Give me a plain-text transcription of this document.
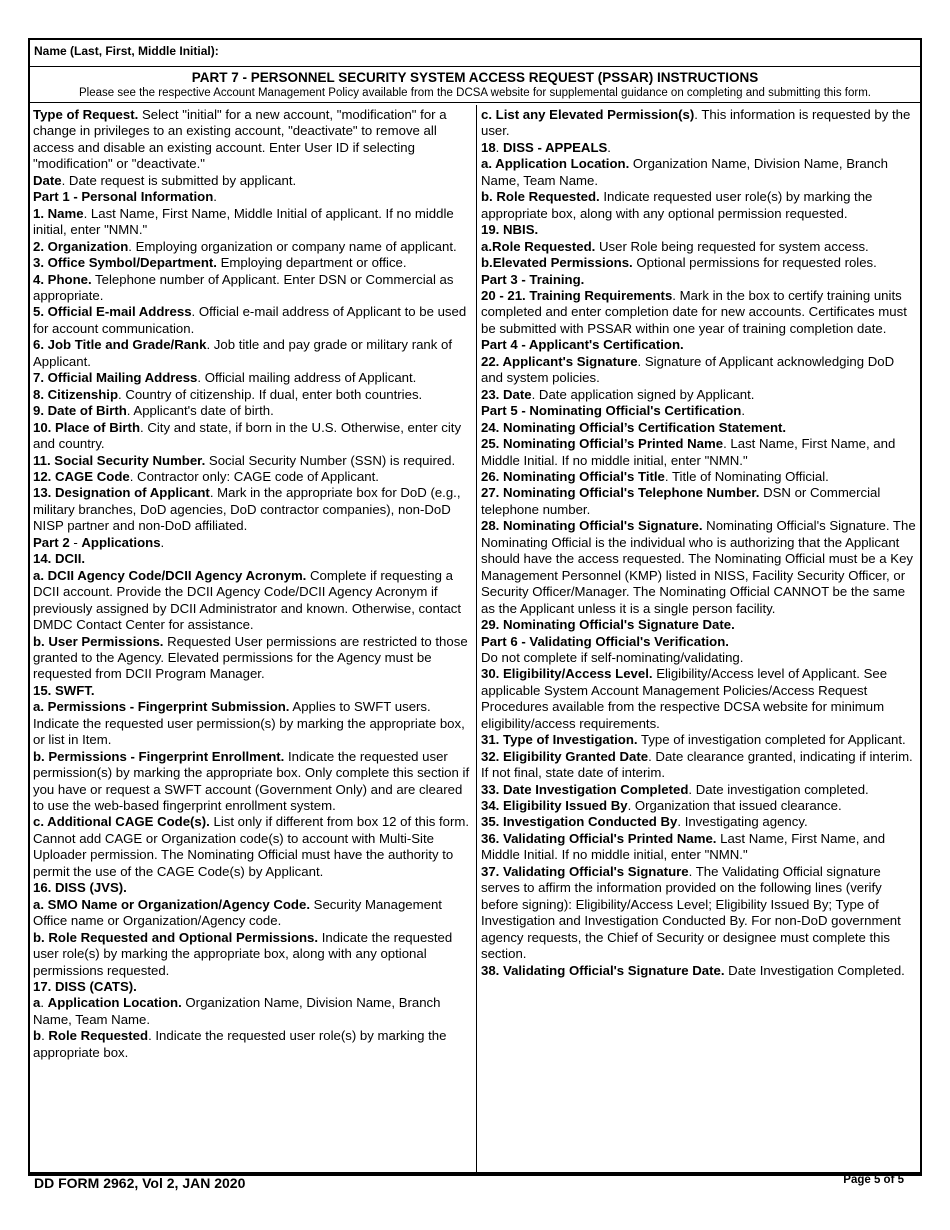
Name (Last, First, Middle Initial):
PART 7 - PERSONNEL SECURITY SYSTEM ACCESS REQUEST (PSSAR) INSTRUCTIONS
Please see the respective Account Management Policy available from the DCSA website for supplemental guidance on completing and submitting this form.
Type of Request. Select "initial" for a new account, "modification" for a change in privileges to an existing account, "deactivate" to remove all access and disable an existing account. Enter User ID if selecting "modification" or "deactivate."
Date. Date request is submitted by applicant.
Part 1 - Personal Information.
1. Name. Last Name, First Name, Middle Initial of applicant. If no middle initial, enter "NMN."
2. Organization. Employing organization or company name of applicant.
3. Office Symbol/Department. Employing department or office.
4. Phone. Telephone number of Applicant. Enter DSN or Commercial as appropriate.
5. Official E-mail Address. Official e-mail address of Applicant to be used for account communication.
6. Job Title and Grade/Rank. Job title and pay grade or military rank of Applicant.
7. Official Mailing Address. Official mailing address of Applicant.
8. Citizenship. Country of citizenship. If dual, enter both countries.
9. Date of Birth. Applicant's date of birth.
10. Place of Birth. City and state, if born in the U.S. Otherwise, enter city and country.
11. Social Security Number. Social Security Number (SSN) is required.
12. CAGE Code. Contractor only: CAGE code of Applicant.
13. Designation of Applicant. Mark in the appropriate box for DoD (e.g., military branches, DoD agencies, DoD contractor companies), non-DoD NISP partner and non-DoD affiliated.
Part 2 - Applications.
14. DCII.
a. DCII Agency Code/DCII Agency Acronym. Complete if requesting a DCII account. Provide the DCII Agency Code/DCII Agency Acronym if previously assigned by DCII Administrator and known. Otherwise, contact DMDC Contact Center for assistance.
b. User Permissions. Requested User permissions are restricted to those granted to the Agency. Elevated permissions for the Agency must be requested from DCII Program Manager.
15. SWFT.
a. Permissions - Fingerprint Submission. Applies to SWFT users. Indicate the requested user permission(s) by marking the appropriate box, or list in Item.
b. Permissions - Fingerprint Enrollment. Indicate the requested user permission(s) by marking the appropriate box. Only complete this section if you have or request a SWFT account (Government Only) and are cleared to use the web-based fingerprint enrollment system.
c. Additional CAGE Code(s). List only if different from box 12 of this form. Cannot add CAGE or Organization code(s) to account with Multi-Site Uploader permission. The Nominating Official must have the authority to permit the use of the CAGE Code(s) by Applicant.
16. DISS (JVS).
a. SMO Name or Organization/Agency Code. Security Management Office name or Organization/Agency code.
b. Role Requested and Optional Permissions. Indicate the requested user role(s) by marking the appropriate box, along with any optional permissions requested.
17. DISS (CATS).
a. Application Location. Organization Name, Division Name, Branch Name, Team Name.
b. Role Requested. Indicate the requested user role(s) by marking the appropriate box.
c. List any Elevated Permission(s). This information is requested by the user.
18. DISS - APPEALS.
a. Application Location. Organization Name, Division Name, Branch Name, Team Name.
b. Role Requested. Indicate requested user role(s) by marking the appropriate box, along with any optional permission requested.
19. NBIS.
a.Role Requested. User Role being requested for system access.
b.Elevated Permissions. Optional permissions for requested roles.
Part 3 - Training.
20 - 21. Training Requirements. Mark in the box to certify training units completed and enter completion date for new accounts. Certificates must be submitted with PSSAR within one year of training completion date.
Part 4 - Applicant's Certification.
22. Applicant's Signature. Signature of Applicant acknowledging DoD and system policies.
23. Date. Date application signed by Applicant.
Part 5 - Nominating Official's Certification.
24. Nominating Official’s Certification Statement.
25. Nominating Official’s Printed Name. Last Name, First Name, and Middle Initial. If no middle initial, enter "NMN."
26. Nominating Official's Title. Title of Nominating Official.
27. Nominating Official's Telephone Number. DSN or Commercial telephone number.
28. Nominating Official's Signature. Nominating Official's Signature. The Nominating Official is the individual who is authorizing that the Applicant should have the access requested. The Nominating Official must be a Key Management Personnel (KMP) listed in NISS, Facility Security Officer, or Security Officer/Manager. The Nominating Official CANNOT be the same as the Applicant unless it is a single person facility.
29. Nominating Official's Signature Date.
Part 6 - Validating Official's Verification.
Do not complete if self-nominating/validating.
30. Eligibility/Access Level. Eligibility/Access level of Applicant. See applicable System Account Management Policies/Access Request Procedures available from the respective DCSA website for minimum eligibility/access requirements.
31. Type of Investigation. Type of investigation completed for Applicant.
32. Eligibility Granted Date. Date clearance granted, indicating if interim. If not final, state date of interim.
33. Date Investigation Completed. Date investigation completed.
34. Eligibility Issued By. Organization that issued clearance.
35. Investigation Conducted By. Investigating agency.
36. Validating Official's Printed Name. Last Name, First Name, and Middle Initial. If no middle initial, enter "NMN."
37. Validating Official's Signature. The Validating Official signature serves to affirm the information provided on the following lines (verify before signing): Eligibility/Access Level; Eligibility Issued By; Type of Investigation and Investigation Conducted By. For non-DoD government agency requests, the Chief of Security or designee must complete this section.
38. Validating Official's Signature Date. Date Investigation Completed.
DD FORM 2962, Vol 2, JAN 2020	Page 5 of 5
